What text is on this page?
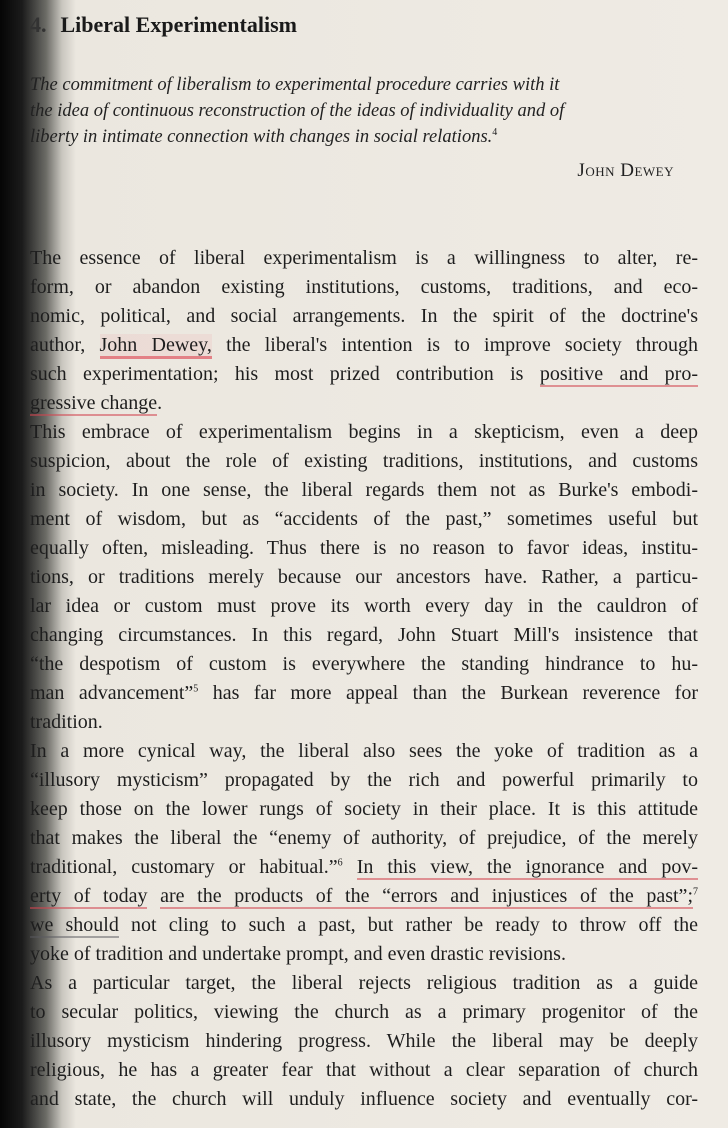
4. Liberal Experimentalism
The commitment of liberalism to experimental procedure carries with it
the idea of continuous reconstruction of the ideas of individuality and of
liberty in intimate connection with changes in social relations.$^4$
John Dewey
The essence of liberal experimentalism is a willingness to alter, re-
form, or abandon existing institutions, customs, traditions, and eco-
nomic, political, and social arrangements. In the spirit of the doctrine's
author, John Dewey, the liberal's intention is to improve society through
such experimentation; his most prized contribution is positive and pro-
gressive change.
This embrace of experimentalism begins in a skepticism, even a deep
suspicion, about the role of existing traditions, institutions, and customs
in society. In one sense, the liberal regards them not as Burke's embodi-
ment of wisdom, but as “accidents of the past,” sometimes useful but
equally often, misleading. Thus there is no reason to favor ideas, institu-
tions, or traditions merely because our ancestors have. Rather, a particu-
lar idea or custom must prove its worth every day in the cauldron of
changing circumstances. In this regard, John Stuart Mill's insistence that
“the despotism of custom is everywhere the standing hindrance to hu-
man advancement”$^5$ has far more appeal than the Burkean reverence for
tradition.
In a more cynical way, the liberal also sees the yoke of tradition as a
“illusory mysticism” propagated by the rich and powerful primarily to
keep those on the lower rungs of society in their place. It is this attitude
that makes the liberal the “enemy of authority, of prejudice, of the merely
traditional, customary or habitual.”$^6$ In this view, the ignorance and pov-
erty of today are the products of the “errors and injustices of the past”;$^7$
we should not cling to such a past, but rather be ready to throw off the
yoke of tradition and undertake prompt, and even drastic revisions.
As a particular target, the liberal rejects religious tradition as a guide
to secular politics, viewing the church as a primary progenitor of the
illusory mysticism hindering progress. While the liberal may be deeply
religious, he has a greater fear that without a clear separation of church
and state, the church will unduly influence society and eventually cor-
